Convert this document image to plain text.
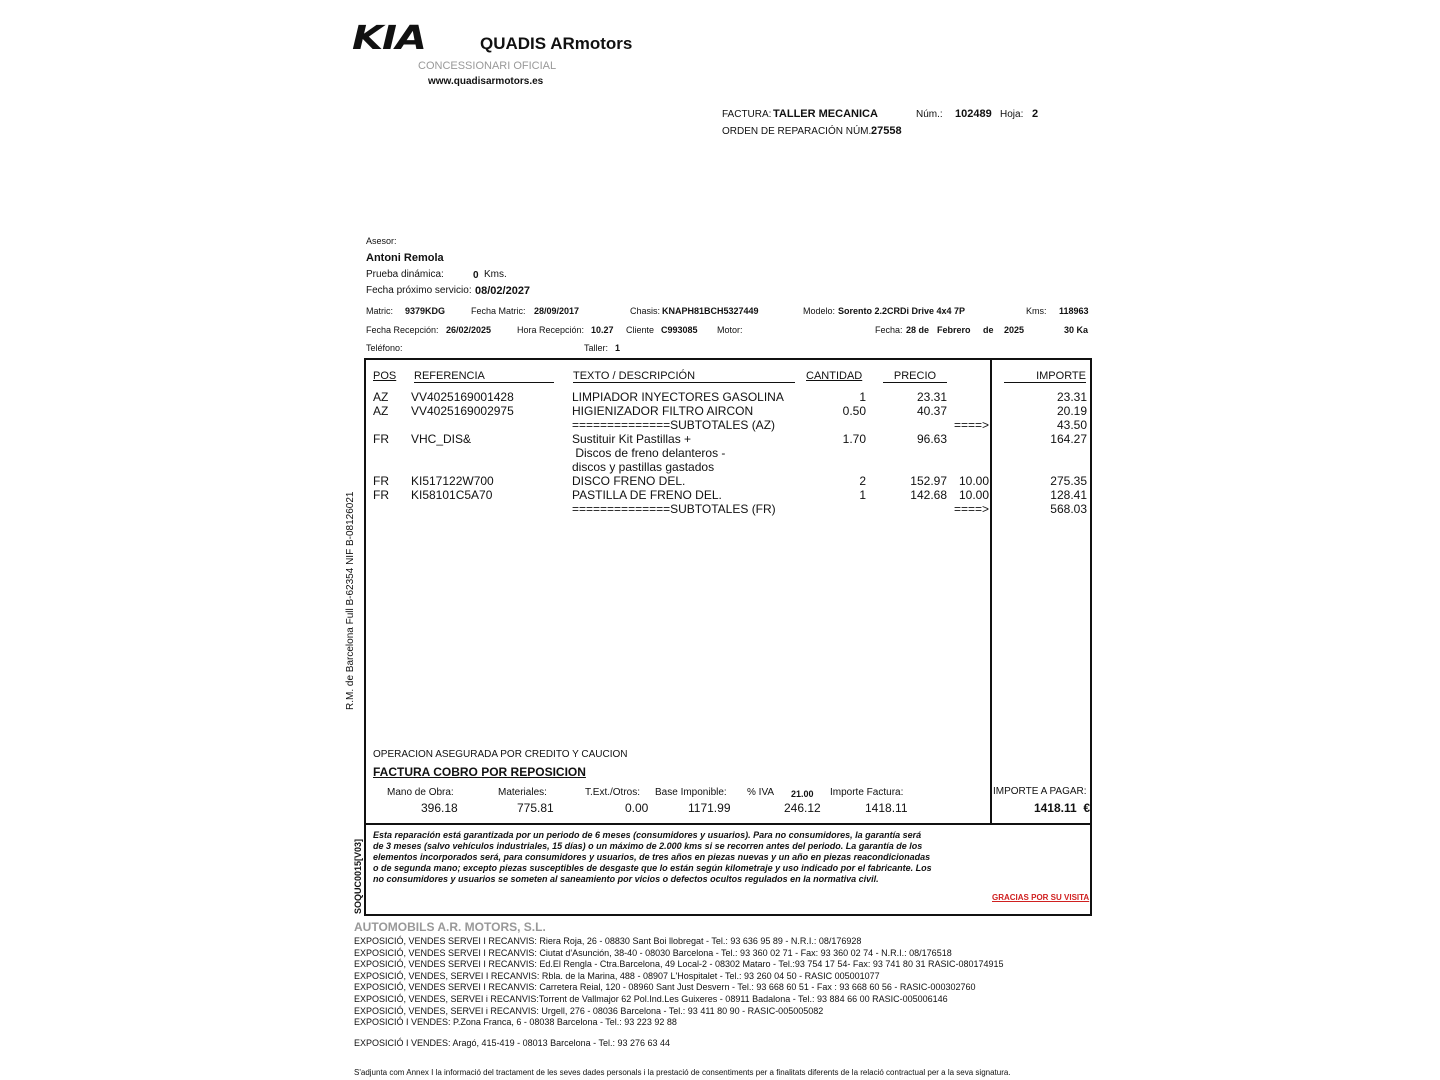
KIA	QUADIS ARmotors
CONCESSIONARI OFICIAL
www.quadisarmotors.es
FACTURA: TALLER MECANICA	Núm.: 102489 Hoja: 2
ORDEN DE REPARACIÓN NÚM.:
27558
Asesor:
Antoni Remola
Prueba dinámica:	0 Kms.
Fecha próximo servicio: 08/02/2027
Matric: 9379KDG	Fecha Matric: 28/09/2017	Chasis: KNAPH81BCH5327449	Modelo: Sorento 2.2CRDi Drive 4x4 7P	Kms: 118963
Fecha Recepción: 26/02/2025	Hora Recepción: 10.27 Cliente C993085 Motor:	Fecha: 28 de Febrero de 2025	30 Ka
Teléfono:	Taller: 1
R.M. de Barcelona Full B-62354 NIF B-08126021
SOQUC0015[V03]
POS REFERENCIA	TEXTO / DESCRIPCIÓN	CANTIDAD	PRECIO	IMPORTE
AZ VV4025169001428	LIMPIADOR INYECTORES GASOLINA	1	23.31	23.31
AZ VV4025169002975	HIGIENIZADOR FILTRO AIRCON	0.50	40.37	20.19
==============SUBTOTALES (AZ)	====>	43.50
FR VHC_DIS&	Sustituir Kit Pastillas +	1.70	96.63	164.27
Discos de freno delanteros -
discos y pastillas gastados
FR KI517122W700	DISCO FRENO DEL.	2	152.97 10.00	275.35
FR KI58101C5A70	PASTILLA DE FRENO DEL.	1	142.68 10.00	128.41
==============SUBTOTALES (FR)	====>	568.03
OPERACION ASEGURADA POR CREDITO Y CAUCION
FACTURA COBRO POR REPOSICION
Mano de Obra:
396.18
Materiales:
775.81
T.Ext./Otros:
0.00
Base Imponible:
1171.99
% IVA 21.00
246.12
Importe Factura:
1418.11
IMPORTE A PAGAR:
1418.11  €
Esta reparación está garantizada por un periodo de 6 meses (consumidores y usuarios). Para no consumidores, la garantía será
de 3 meses (salvo vehículos industriales, 15 días) o un máximo de 2.000 kms si se recorren antes del periodo. La garantía de los
elementos incorporados será, para consumidores y usuarios, de tres años en piezas nuevas y un año en piezas reacondicionadas
o de segunda mano; excepto piezas susceptibles de desgaste que lo están según kilometraje y uso indicado por el fabricante. Los
no consumidores y usuarios se someten al saneamiento por vicios o defectos ocultos regulados en la normativa civil.
GRACIAS POR SU VISITA
AUTOMOBILS A.R. MOTORS, S.L.
EXPOSICIÓ, VENDES SERVEI I RECANVIS: Riera Roja, 26 - 08830 Sant Boi llobregat - Tel.: 93 636 95 89 - N.R.I.: 08/176928
EXPOSICIÓ, VENDES SERVEI I RECANVIS: Ciutat d'Asunción, 38-40 - 08030 Barcelona - Tel.: 93 360 02 71 - Fax: 93 360 02 74 - N.R.I.: 08/176518
EXPOSICIÓ, VENDES SERVEI I RECANVIS: Ed.El Rengla - Ctra.Barcelona, 49 Local-2 - 08302 Mataro - Tel.:93 754 17 54- Fax: 93 741 80 31 RASIC-080174915
EXPOSICIÓ, VENDES, SERVEI I RECANVIS: Rbla. de la Marina, 488 - 08907 L'Hospitalet - Tel.: 93 260 04 50 - RASIC 005001077
EXPOSICIÓ, VENDES SERVEI I RECANVIS: Carretera Reial, 120 - 08960 Sant Just Desvern - Tel.: 93 668 60 51 - Fax : 93 668 60 56 - RASIC-000302760
EXPOSICIÓ, VENDES, SERVEI i RECANVIS:Torrent de Vallmajor 62 Pol.Ind.Les Guixeres - 08911 Badalona - Tel.: 93 884 66 00 RASIC-005006146
EXPOSICIÓ, VENDES, SERVEI i RECANVIS: Urgell, 276 - 08036 Barcelona - Tel.: 93 411 80 90 - RASIC-005005082
EXPOSICIÓ I VENDES: P.Zona Franca, 6 - 08038 Barcelona - Tel.: 93 223 92 88
EXPOSICIÓ I VENDES: Aragó, 415-419 - 08013 Barcelona - Tel.: 93 276 63 44
S'adjunta com Annex I la informació del tractament de les seves dades personals i la prestació de consentiments per a finalitats diferents de la relació contractual per a la seva signatura.
